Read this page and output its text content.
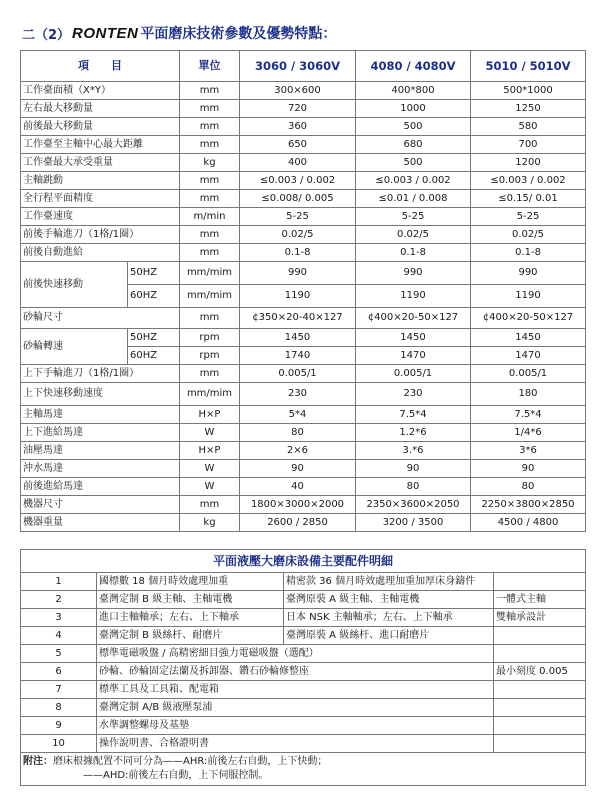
二（2） RONTEN 平面磨床技術參數及優勢特點：
項　　目		單位	3060 / 3060V	4080 / 4080V	5010 / 5010V
工作臺面積（X*Y）		mm	300×600	400*800	500*1000
左右最大移動量		mm	720	1000	1250
前後最大移動量		mm	360	500	580
工作臺至主軸中心最大距離		mm	650	680	700
工作臺最大承受重量		kg	400	500	1200
主軸跳動		mm	≤0.003 / 0.002	≤0.003 / 0.002	≤0.003 / 0.002
全行程平面精度		mm	≤0.008/ 0.005	≤0.01 / 0.008	≤0.15/ 0.01
工作臺速度		m/min	5-25	5-25	5-25
前後手輪進刀（1格/1圈）		mm	0.02/5	0.02/5	0.02/5
前後自動進給		mm	0.1-8	0.1-8	0.1-8
前後快速移動	50HZ	mm/mim	990	990	990
	60HZ	mm/mim	1190	1190	1190
砂輪尺寸		mm	¢350×20-40×127	¢400×20-50×127	¢400×20-50×127
砂輪轉速	50HZ	rpm	1450	1450	1450
	60HZ	rpm	1740	1470	1470
上下手輪進刀（1格/1圈）		mm	0.005/1	0.005/1	0.005/1
上下快速移動速度		mm/mim	230	230	180
主軸馬達		H×P	5*4	7.5*4	7.5*4
上下進給馬達		W	80	1.2*6	1/4*6
油壓馬達		H×P	2×6	3.*6	3*6
沖水馬達		W	90	90	90
前後進給馬達		W	40	80	80
機器尺寸		mm	1800×3000×2000	2350×3600×2050	2250×3800×2850
機器重量		kg	2600 / 2850	3200 / 3500	4500 / 4800
平面液壓大磨床設備主要配件明細			
1	國標數 18 個月時效處理加重	精密款 36 個月時效處理加重加厚床身鑄件	
2	臺灣定制 B 級主軸、主軸電機	臺灣原裝 A 級主軸、主軸電機	一體式主軸
3	進口主軸軸承；左右、上下軸承	日本 NSK 主軸軸承；左右、上下軸承	雙軸承設計
4	臺灣定制 B 級絲杆、耐磨片	臺灣原裝 A 級絲杆、進口耐磨片	
5	標準電磁吸盤 / 高精密細目強力電磁吸盤（選配）		
6	砂輪、砂輪固定法蘭及拆卸器、鑽石砂輪修整座		最小刻度 0.005
7	標準工具及工具箱、配電箱		
8	臺灣定制 A/B 級液壓泵浦		
9	水準調整螺母及基墊		
10	操作說明書、合格證明書		

附注：磨床根據配置不同可分為——AHR:前後左右自動，上下快動；
——AHD:前後左右自動，上下伺服控制。			
